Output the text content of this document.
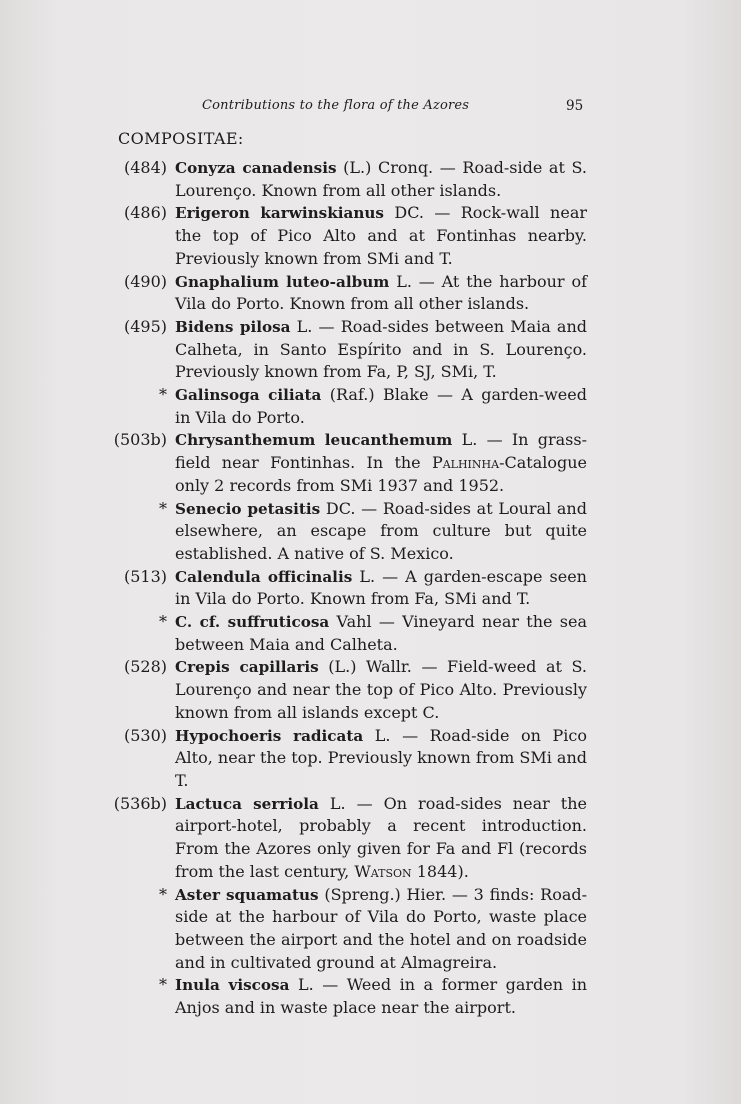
Contributions to the flora of the Azores	95
COMPOSITAE:
(484) Conyza canadensis (L.) Cronq. — Road-side at S. Lourenço. Known from all other islands.
(486) Erigeron karwinskianus DC. — Rock-wall near the top of Pico Alto and at Fontinhas nearby. Previously known from SMi and T.
(490) Gnaphalium luteo-album L. — At the harbour of Vila do Porto. Known from all other islands.
(495) Bidens pilosa L. — Road-sides between Maia and Calheta, in Santo Espírito and in S. Lourenço. Previously known from Fa, P, SJ, SMi, T.
* Galinsoga ciliata (Raf.) Blake — A garden-weed in Vila do Porto.
(503b) Chrysanthemum leucanthemum L. — In grassfield near Fontinhas. In the Palhinha-Catalogue only 2 records from SMi 1937 and 1952.
* Senecio petasitis DC. — Road-sides at Loural and elsewhere, an escape from culture but quite established. A native of S. Mexico.
(513) Calendula officinalis L. — A garden-escape seen in Vila do Porto. Known from Fa, SMi and T.
* C. cf. suffruticosa Vahl — Vineyard near the sea between Maia and Calheta.
(528) Crepis capillaris (L.) Wallr. — Field-weed at S. Lourenço and near the top of Pico Alto. Previously known from all islands except C.
(530) Hypochoeris radicata L. — Road-side on Pico Alto, near the top. Previously known from SMi and T.
(536b) Lactuca serriola L. — On road-sides near the airport-hotel, probably a recent introduction. From the Azores only given for Fa and Fl (records from the last century, Watson 1844).
* Aster squamatus (Spreng.) Hier. — 3 finds: Roadside at the harbour of Vila do Porto, waste place between the airport and the hotel and on roadside and in cultivated ground at Almagreira.
* Inula viscosa L. — Weed in a former garden in Anjos and in waste place near the airport.
